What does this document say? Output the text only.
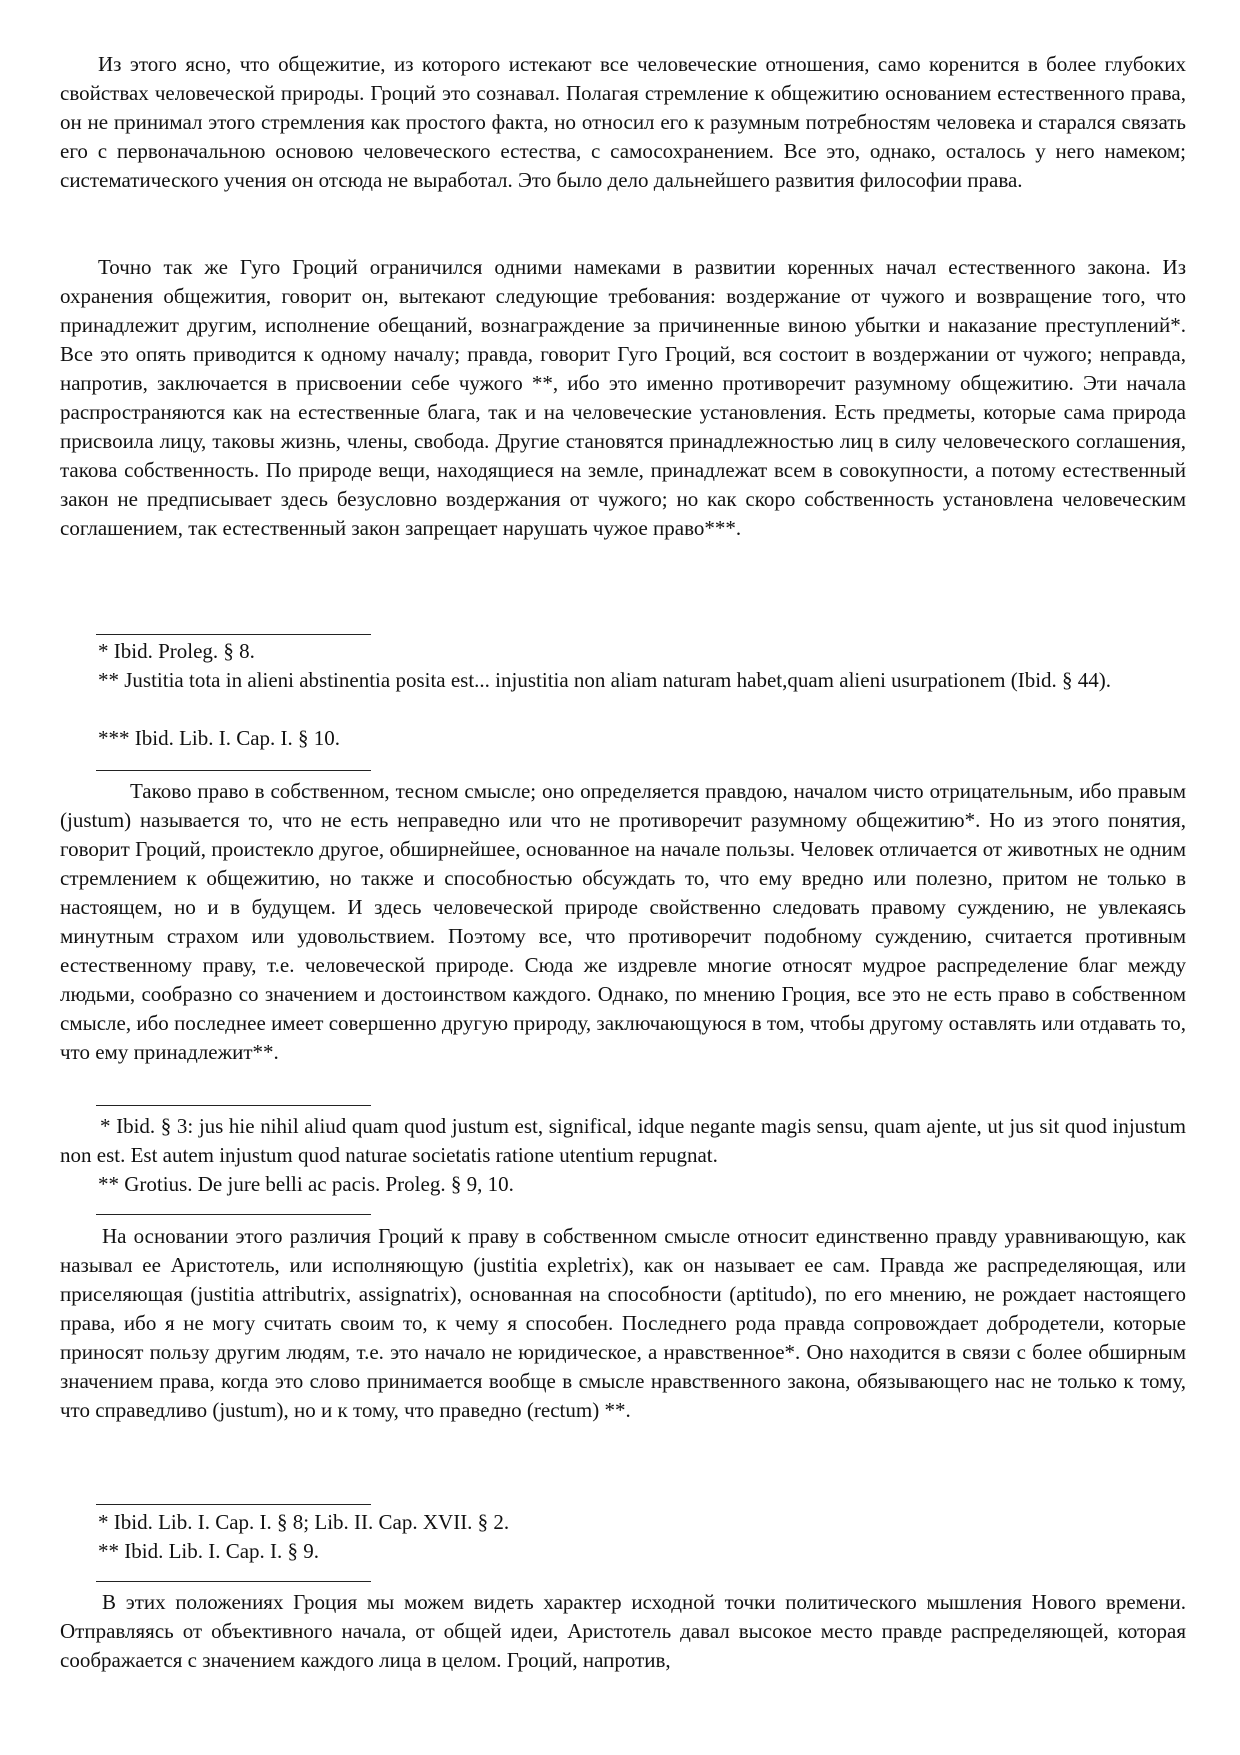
Из этого ясно, что общежитие, из которого истекают все человеческие отношения, само коренится в более глубоких свойствах человеческой природы. Гроций это сознавал. Полагая стремление к общежитию основанием естественного права, он не принимал этого стремления как простого факта, но относил его к разумным потребностям человека и старался связать его с первоначальною основою человеческого естества, с самосохранением. Все это, однако, осталось у него намеком; систематического учения он отсюда не выработал. Это было дело дальнейшего развития философии права.

Точно так же Гуго Гроций ограничился одними намеками в развитии коренных начал естественного закона. Из охранения общежития, говорит он, вытекают следующие требования: воздержание от чужого и возвращение того, что принадлежит другим, исполнение обещаний, вознаграждение за причиненные виною убытки и наказание преступлений*. Все это опять приводится к одному началу; правда, говорит Гуго Гроций, вся состоит в воздержании от чужого; неправда, напротив, заключается в присвоении себе чужого **, ибо это именно противоречит разумному общежитию. Эти начала распространяются как на естественные блага, так и на человеческие установления. Есть предметы, которые сама природа присвоила лицу, таковы жизнь, члены, свобода. Другие становятся принадлежностью лиц в силу человеческого соглашения, такова собственность. По природе вещи, находящиеся на земле, принадлежат всем в совокупности, а потому естественный закон не предписывает здесь безусловно воздержания от чужого; но как скоро собственность установлена человеческим соглашением, так естественный закон запрещает нарушать чужое право***.

* Ibid. Proleg. § 8.

** Justitia tota in alieni abstinentia posita est... injustitia non aliam naturam habet,quam alieni usurpationem (Ibid. § 44).

*** Ibid. Lib. I. Cap. I. § 10.

Таково право в собственном, тесном смысле; оно определяется правдою, началом чисто отрицательным, ибо правым (justum) называется то, что не есть неправедно или что не противоречит разумному общежитию*. Но из этого понятия, говорит Гроций, проистекло другое, обширнейшее, основанное на начале пользы. Человек отличается от животных не одним стремлением к общежитию, но также и способностью обсуждать то, что ему вредно или полезно, притом не только в настоящем, но и в будущем. И здесь человеческой природе свойственно следовать правому суждению, не увлекаясь минутным страхом или удовольствием. Поэтому все, что противоречит подобному суждению, считается противным естественному праву, т.е. человеческой природе. Сюда же издревле многие относят мудрое распределение благ между людьми, сообразно со значением и достоинством каждого. Однако, по мнению Гроция, все это не есть право в собственном смысле, ибо последнее имеет совершенно другую природу, заключающуюся в том, чтобы другому оставлять или отдавать то, что ему принадлежит**.

* Ibid. § 3: jus hie nihil aliud quam quod justum est, significal, idque negante magis sensu, quam ajente, ut jus sit quod injustum non est. Est autem injustum quod naturae societatis ratione utentium repugnat.

** Grotius. De jure belli ac pacis. Proleg. § 9, 10.

На основании этого различия Гроций к праву в собственном смысле относит единственно правду уравнивающую, как называл ее Аристотель, или исполняющую (justitia expletrix), как он называет ее сам. Правда же распределяющая, или приселяющая (justitia attributrix, assignatrix), основанная на способности (aptitudo), по его мнению, не рождает настоящего права, ибо я не могу считать своим то, к чему я способен. Последнего рода правда сопровождает добродетели, которые приносят пользу другим людям, т.е. это начало не юридическое, а нравственное*. Оно находится в связи с более обширным значением права, когда это слово принимается вообще в смысле нравственного закона, обязывающего нас не только к тому, что справедливо (justum), но и к тому, что праведно (rectum) **.

* Ibid. Lib. I. Cap. I. § 8; Lib. II. Cap. XVII. § 2.

** Ibid. Lib. I. Cap. I. § 9.

В этих положениях Гроция мы можем видеть характер исходной точки политического мышления Нового времени. Отправляясь от объективного начала, от общей идеи, Аристотель давал высокое место правде распределяющей, которая соображается с значением каждого лица в целом. Гроций, напротив,
